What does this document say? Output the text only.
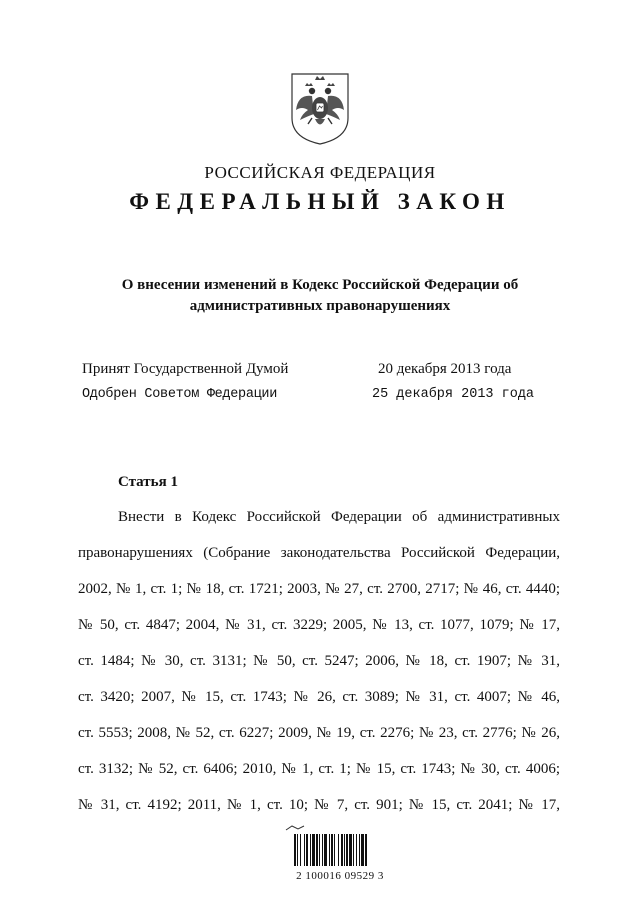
РОССИЙСКАЯ ФЕДЕРАЦИЯ
ФЕДЕРАЛЬНЫЙ ЗАКОН
О внесении изменений в Кодекс Российской Федерации об административных правонарушениях
Принят Государственной Думой	20 декабря 2013 года
Одобрен Советом Федерации	25 декабря 2013 года
Статья 1
Внести в Кодекс Российской Федерации об административных
правонарушениях (Собрание законодательства Российской Федерации,
2002, № 1, ст. 1; № 18, ст. 1721; 2003, № 27, ст. 2700, 2717; № 46, ст. 4440;
№ 50, ст. 4847; 2004, № 31, ст. 3229; 2005, № 13, ст. 1077, 1079; № 17,
ст. 1484; № 30, ст. 3131; № 50, ст. 5247; 2006, № 18, ст. 1907; № 31,
ст. 3420; 2007, № 15, ст. 1743; № 26, ст. 3089; № 31, ст. 4007; № 46,
ст. 5553; 2008, № 52, ст. 6227; 2009, № 19, ст. 2276; № 23, ст. 2776; № 26,
ст. 3132; № 52, ст. 6406; 2010, № 1, ст. 1; № 15, ст. 1743; № 30, ст. 4006;
№ 31, ст. 4192; 2011, № 1, ст. 10; № 7, ст. 901; № 15, ст. 2041; № 17,
2 100016 09529 3
